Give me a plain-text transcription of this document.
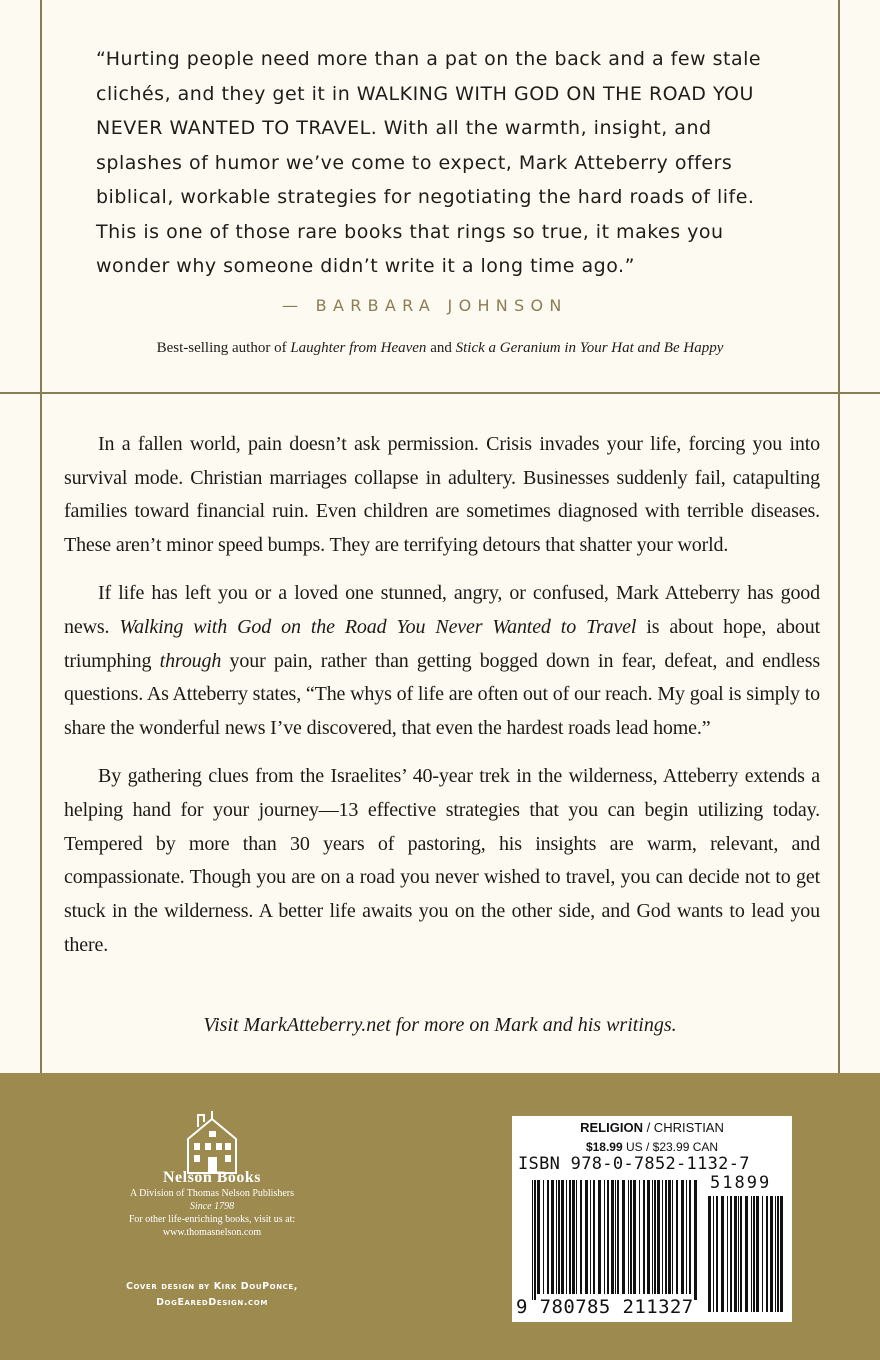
“Hurting people need more than a pat on the back and a few stale clichés, and they get it in WALKING WITH GOD ON THE ROAD YOU NEVER WANTED TO TRAVEL. With all the warmth, insight, and splashes of humor we’ve come to expect, Mark Atteberry offers biblical, workable strategies for negotiating the hard roads of life. This is one of those rare books that rings so true, it makes you wonder why someone didn’t write it a long time ago.”

— BARBARA JOHNSON
Best-selling author of Laughter from Heaven and Stick a Geranium in Your Hat and Be Happy

In a fallen world, pain doesn’t ask permission. Crisis invades your life, forcing you into survival mode. Christian marriages collapse in adultery. Businesses suddenly fail, catapulting families toward financial ruin. Even children are sometimes diagnosed with terrible diseases. These aren’t minor speed bumps. They are terrifying detours that shatter your world.

If life has left you or a loved one stunned, angry, or confused, Mark Atteberry has good news. Walking with God on the Road You Never Wanted to Travel is about hope, about triumphing through your pain, rather than getting bogged down in fear, defeat, and endless questions. As Atteberry states, “The whys of life are often out of our reach. My goal is simply to share the wonderful news I’ve discovered, that even the hardest roads lead home.”

By gathering clues from the Israelites’ 40-year trek in the wilderness, Atteberry extends a helping hand for your journey—13 effective strategies that you can begin utilizing today. Tempered by more than 30 years of pastoring, his insights are warm, relevant, and compassionate. Though you are on a road you never wished to travel, you can decide not to get stuck in the wilderness. A better life awaits you on the other side, and God wants to lead you there.

Visit MarkAtteberry.net for more on Mark and his writings.
Nelson Books
A Division of Thomas Nelson Publishers
Since 1798
For other life-enriching books, visit us at:
www.thomasnelson.com
Cover design by Kirk DouPonce,
DogEaredDesign.com
RELIGION / CHRISTIAN
$18.99 US / $23.99 CAN
ISBN 978-0-7852-1132-7
51899
9 780785 211327
